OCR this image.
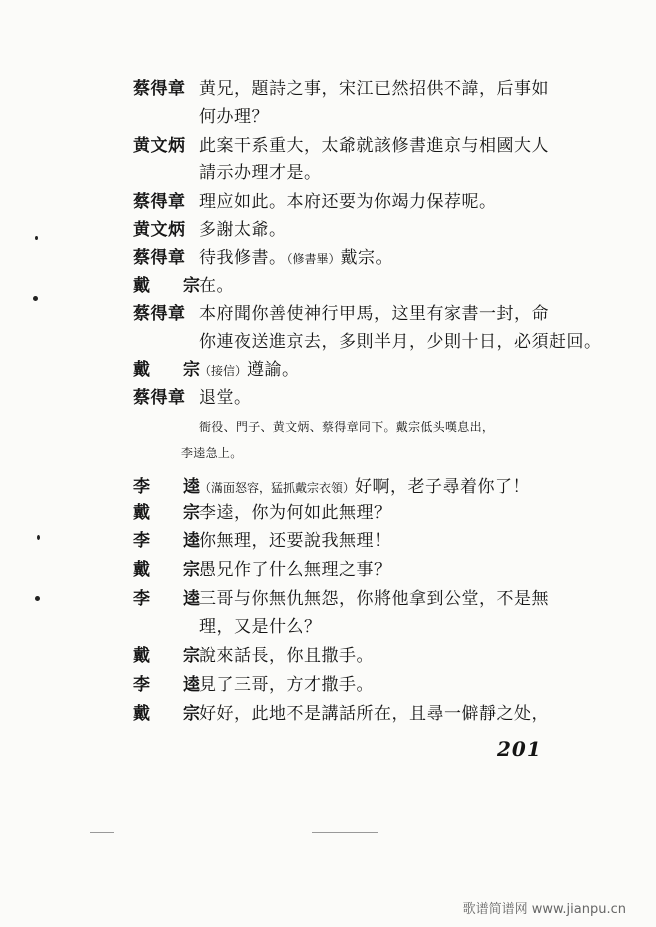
蔡得章 黄兄，題詩之事，宋江已然招供不諱，后事如
何办理？
黄文炳 此案干系重大，太爺就該修書進京与相國大人
請示办理才是。
蔡得章 理应如此。本府还要为你竭力保荐呢。
黄文炳 多謝太爺。
蔡得章 待我修書。（修書畢）戴宗。
戴　宗在。
蔡得章 本府聞你善使神行甲馬，这里有家書一封，命
你連夜送進京去，多則半月，少則十日，必須赶回。
戴　宗（接信）遵諭。
蔡得章 退堂。
衙役、門子、黄文炳、蔡得章同下。戴宗低头嘆息出，
李逵急上。
李　逵（滿面怒容，猛抓戴宗衣領）好啊，老子尋着你了！
戴　宗李逵，你为何如此無理？
李　逵你無理，还要說我無理！
戴　宗愚兄作了什么無理之事？
李　逵三哥与你無仇無怨，你將他拿到公堂，不是無
理，又是什么？
戴　宗說來話長，你且撒手。
李　逵見了三哥，方才撒手。
戴　宗好好，此地不是講話所在，且尋一僻靜之处，
201
歌谱简谱网 www.jianpu.cn
